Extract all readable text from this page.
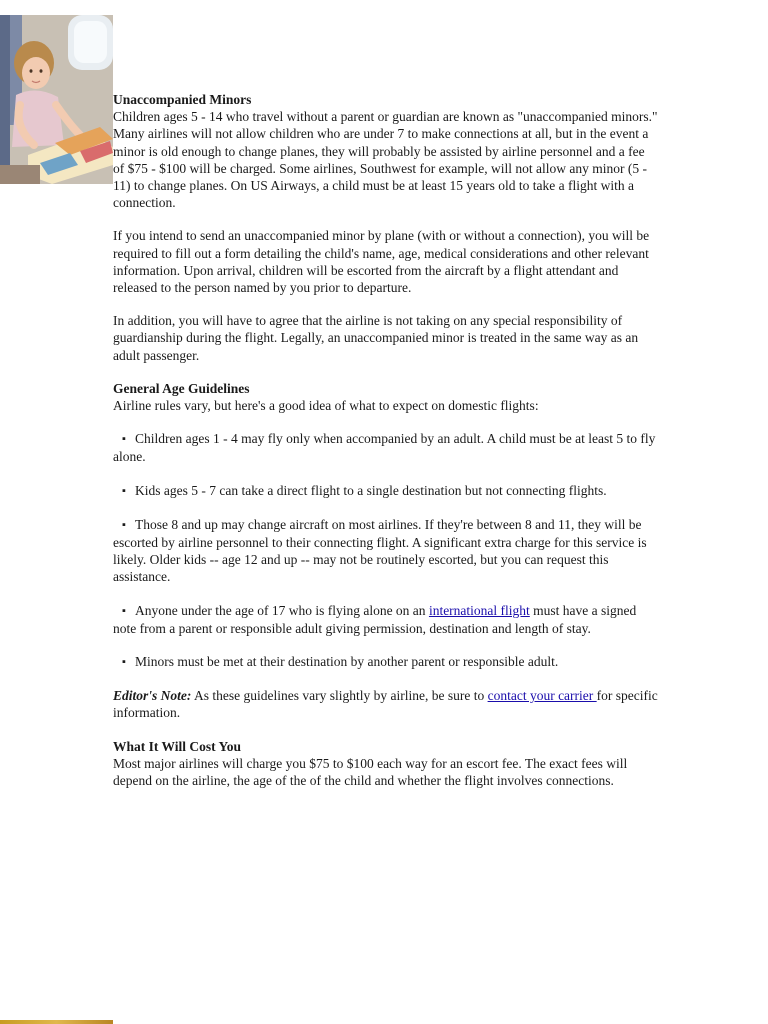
Unaccompanied Minors
Children ages 5 - 14 who travel without a parent or guardian are known as "unaccompanied minors." Many airlines will not allow children who are under 7 to make connections at all, but in the event a minor is old enough to change planes, they will probably be assisted by airline personnel and a fee of $75 - $100 will be charged. Some airlines, Southwest for example, will not allow any minor (5 - 11) to change planes. On US Airways, a child must be at least 15 years old to take a flight with a connection.

If you intend to send an unaccompanied minor by plane (with or without a connection), you will be required to fill out a form detailing the child's name, age, medical considerations and other relevant information. Upon arrival, children will be escorted from the aircraft by a flight attendant and released to the person named by you prior to departure.

In addition, you will have to agree that the airline is not taking on any special responsibility of guardianship during the flight. Legally, an unaccompanied minor is treated in the same way as an adult passenger.

General Age Guidelines
Airline rules vary, but here's a good idea of what to expect on domestic flights:

▪ Children ages 1 - 4 may fly only when accompanied by an adult. A child must be at least 5 to fly alone.
▪ Kids ages 5 - 7 can take a direct flight to a single destination but not connecting flights.
▪ Those 8 and up may change aircraft on most airlines. If they're between 8 and 11, they will be escorted by airline personnel to their connecting flight. A significant extra charge for this service is likely. Older kids -- age 12 and up -- may not be routinely escorted, but you can request this assistance.
▪ Anyone under the age of 17 who is flying alone on an international flight must have a signed note from a parent or responsible adult giving permission, destination and length of stay.
▪ Minors must be met at their destination by another parent or responsible adult.

Editor's Note: As these guidelines vary slightly by airline, be sure to contact your carrier for specific information.

What It Will Cost You
Most major airlines will charge you $75 to $100 each way for an escort fee. The exact fees will depend on the airline, the age of the of the child and whether the flight involves connections.
